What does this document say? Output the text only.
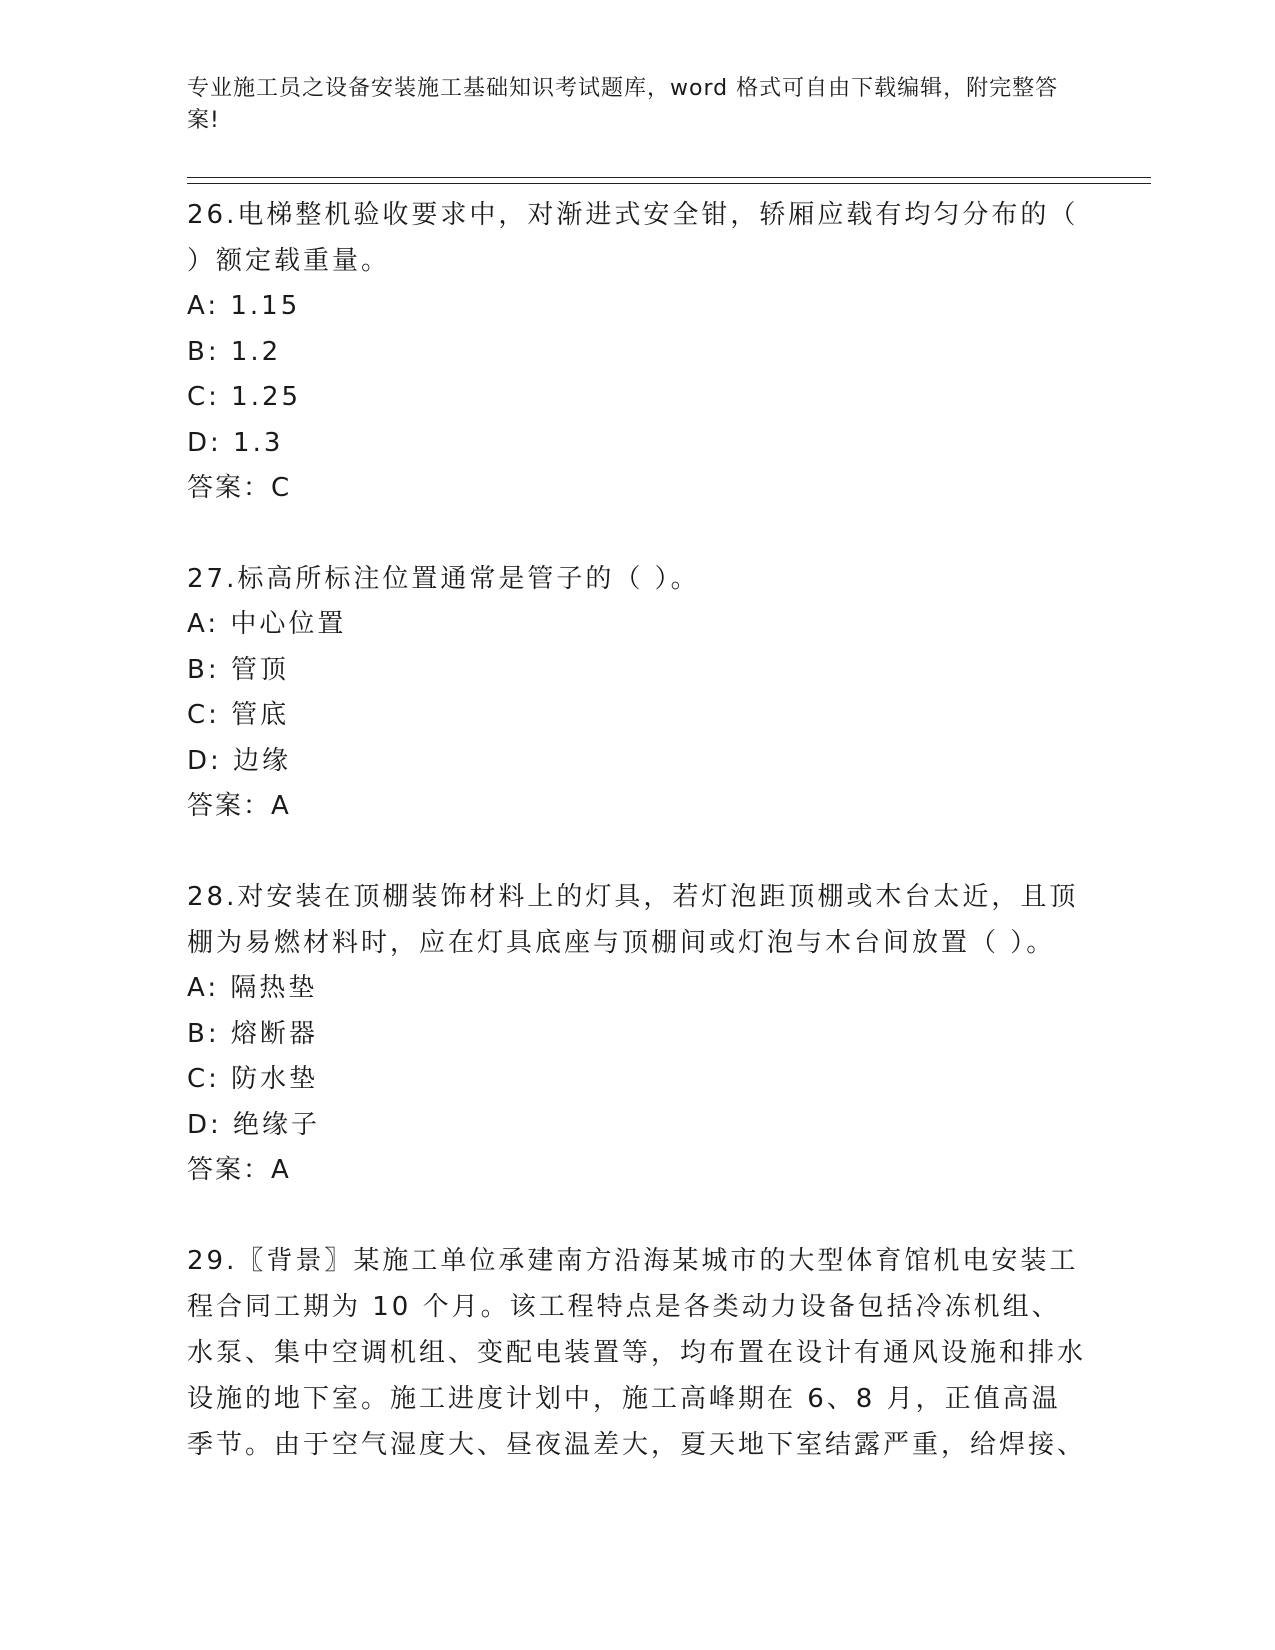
专业施工员之设备安装施工基础知识考试题库，word 格式可自由下载编辑，附完整答案!
26.电梯整机验收要求中，对渐进式安全钳，轿厢应载有均匀分布的（ ）额定载重量。
A: 1.15
B: 1.2
C: 1.25
D: 1.3
答案：C
27.标高所标注位置通常是管子的（ ）。
A: 中心位置
B: 管顶
C: 管底
D: 边缘
答案：A
28.对安装在顶棚装饰材料上的灯具，若灯泡距顶棚或木台太近，且顶棚为易燃材料时，应在灯具底座与顶棚间或灯泡与木台间放置（ ）。
A: 隔热垫
B: 熔断器
C: 防水垫
D: 绝缘子
答案：A
29.〖背景〗某施工单位承建南方沿海某城市的大型体育馆机电安装工程合同工期为 10 个月。该工程特点是各类动力设备包括冷冻机组、水泵、集中空调机组、变配电装置等，均布置在设计有通风设施和排水设施的地下室。施工进度计划中，施工高峰期在 6、8 月，正值高温季节。由于空气湿度大、昼夜温差大，夏天地下室结露严重，给焊接、
